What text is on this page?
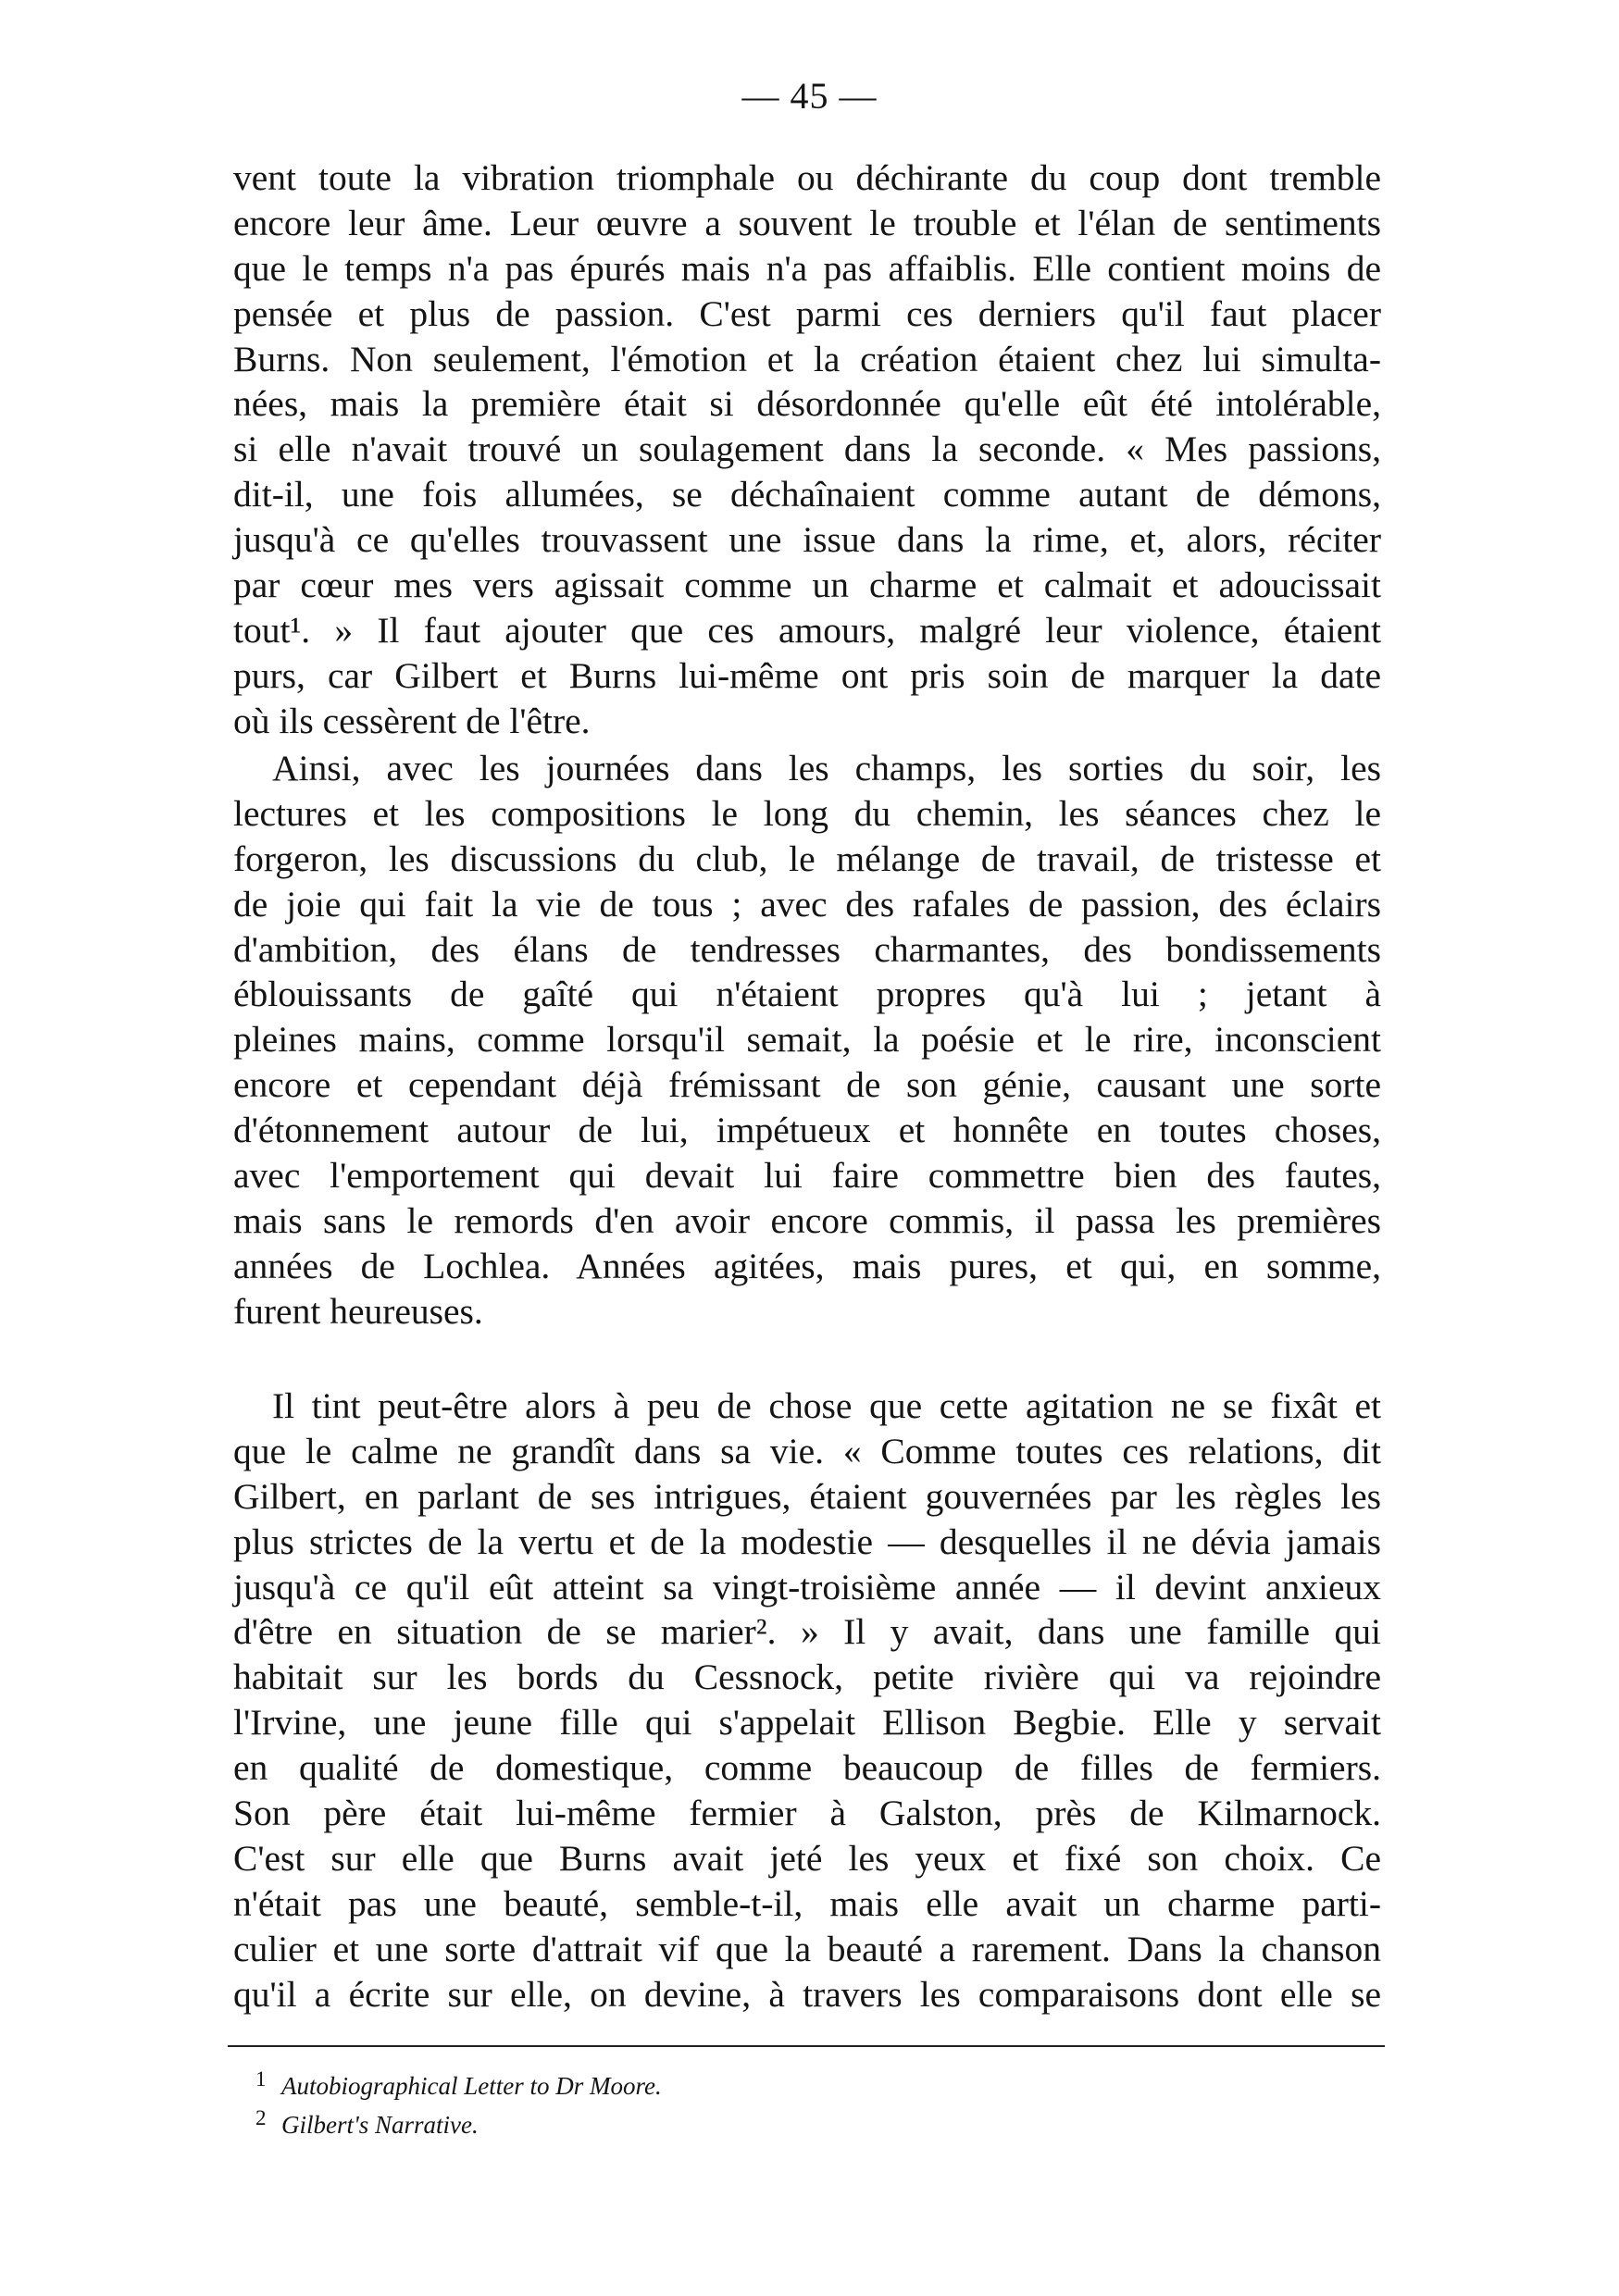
— 45 —
vent toute la vibration triomphale ou déchirante du coup dont tremble
encore leur âme. Leur œuvre a souvent le trouble et l'élan de sentiments
que le temps n'a pas épurés mais n'a pas affaiblis. Elle contient moins de
pensée et plus de passion. C'est parmi ces derniers qu'il faut placer
Burns. Non seulement, l'émotion et la création étaient chez lui simulta-
nées, mais la première était si désordonnée qu'elle eût été intolérable,
si elle n'avait trouvé un soulagement dans la seconde. « Mes passions,
dit-il, une fois allumées, se déchaînaient comme autant de démons,
jusqu'à ce qu'elles trouvassent une issue dans la rime, et, alors, réciter
par cœur mes vers agissait comme un charme et calmait et adoucissait
tout¹. » Il faut ajouter que ces amours, malgré leur violence, étaient
purs, car Gilbert et Burns lui-même ont pris soin de marquer la date
où ils cessèrent de l'être.
Ainsi, avec les journées dans les champs, les sorties du soir, les
lectures et les compositions le long du chemin, les séances chez le
forgeron, les discussions du club, le mélange de travail, de tristesse et
de joie qui fait la vie de tous ; avec des rafales de passion, des éclairs
d'ambition, des élans de tendresses charmantes, des bondissements
éblouissants de gaîté qui n'étaient propres qu'à lui ; jetant à
pleines mains, comme lorsqu'il semait, la poésie et le rire, inconscient
encore et cependant déjà frémissant de son génie, causant une sorte
d'étonnement autour de lui, impétueux et honnête en toutes choses,
avec l'emportement qui devait lui faire commettre bien des fautes,
mais sans le remords d'en avoir encore commis, il passa les premières
années de Lochlea. Années agitées, mais pures, et qui, en somme,
furent heureuses.
Il tint peut-être alors à peu de chose que cette agitation ne se fixât et
que le calme ne grandît dans sa vie. « Comme toutes ces relations, dit
Gilbert, en parlant de ses intrigues, étaient gouvernées par les règles les
plus strictes de la vertu et de la modestie — desquelles il ne dévia jamais
jusqu'à ce qu'il eût atteint sa vingt-troisième année — il devint anxieux
d'être en situation de se marier². » Il y avait, dans une famille qui
habitait sur les bords du Cessnock, petite rivière qui va rejoindre
l'Irvine, une jeune fille qui s'appelait Ellison Begbie. Elle y servait
en qualité de domestique, comme beaucoup de filles de fermiers.
Son père était lui-même fermier à Galston, près de Kilmarnock.
C'est sur elle que Burns avait jeté les yeux et fixé son choix. Ce
n'était pas une beauté, semble-t-il, mais elle avait un charme parti-
culier et une sorte d'attrait vif que la beauté a rarement. Dans la chanson
qu'il a écrite sur elle, on devine, à travers les comparaisons dont elle se
1 Autobiographical Letter to Dr Moore.
2 Gilbert's Narrative.
